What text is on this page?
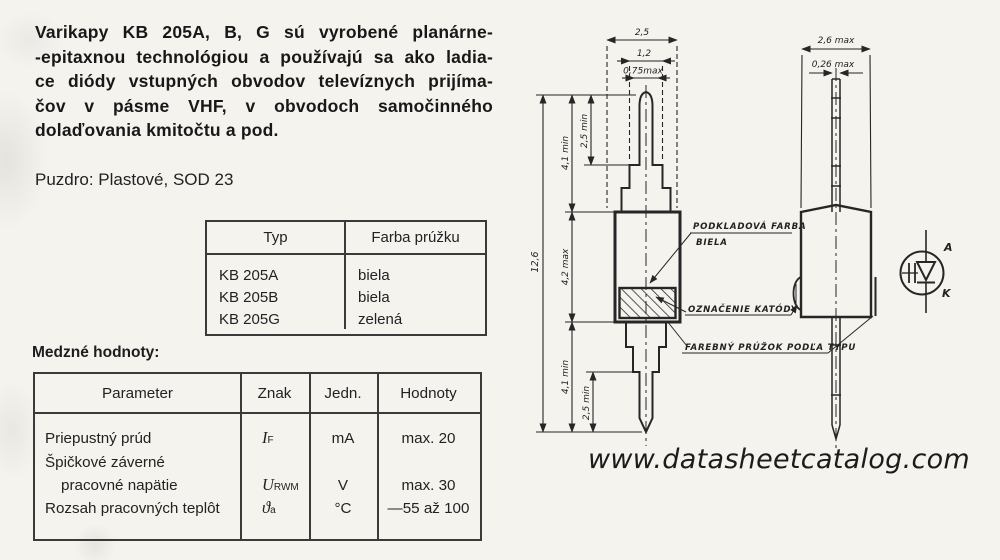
Varikapy KB 205A, B, G sú vyrobené planárne-
-epitaxnou technológiou a používajú sa ako ladia-
ce diódy vstupných obvodov televíznych prijíma-
čov v pásme VHF, v obvodoch samočinného
dolaďovania kmitočtu a pod.
Puzdro: Plastové, SOD 23
Typ	Farba prúžku
KB 205A	biela
KB 205B	biela
KB 205G	zelená
Medzné hodnoty:
Parameter	Znak	Jedn.	Hodnoty
Priepustný prúd	I F	mA	max. 20
Špičkové záverné
pracovné napätie	U RWM	V	max. 30
Rozsah pracovných teplôt	ϑ a	°C	—55 až 100
2,5
1,2
0,75max
12,6
4,1 min
4,2 max
4,1 min
2,5 min
2,5 min
PODKLADOVÁ FARBA
BIELA
OZNAČENIE KATÓDY
FAREBNÝ PRÚŽOK PODĽA TYPU
2,6 max
0,26 max
A
K
www.datasheetcatalog.com
